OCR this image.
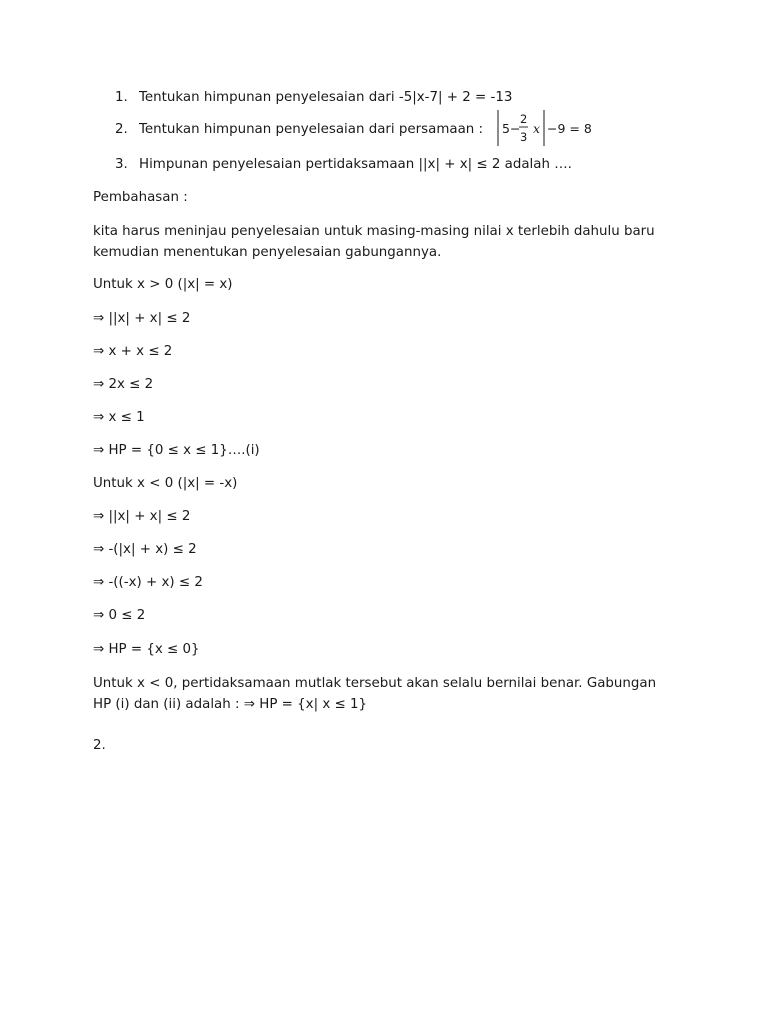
1. Tentukan himpunan penyelesaian dari -5|x-7| + 2 = -13
2. Tentukan himpunan penyelesaian dari persamaan : 5 −
2
3
x −9 = 8
3. Himpunan penyelesaian pertidaksamaan ||x| + x| ≤ 2 adalah ….
Pembahasan :
kita harus meninjau penyelesaian untuk masing-masing nilai x terlebih dahulu baru kemudian menentukan penyelesaian gabungannya.
Untuk x > 0 (|x| = x)
⇒ ||x| + x| ≤ 2
⇒ x + x ≤ 2
⇒ 2x ≤ 2
⇒ x ≤ 1
⇒ HP = {0 ≤ x ≤ 1}….(i)
Untuk x < 0 (|x| = -x)
⇒ ||x| + x| ≤ 2
⇒ -(|x| + x) ≤ 2
⇒ -((-x) + x) ≤ 2
⇒ 0 ≤ 2
⇒ HP = {x ≤ 0}
Untuk x < 0, pertidaksamaan mutlak tersebut akan selalu bernilai benar. Gabungan HP (i) dan (ii) adalah : ⇒ HP = {x| x ≤ 1}
2.
